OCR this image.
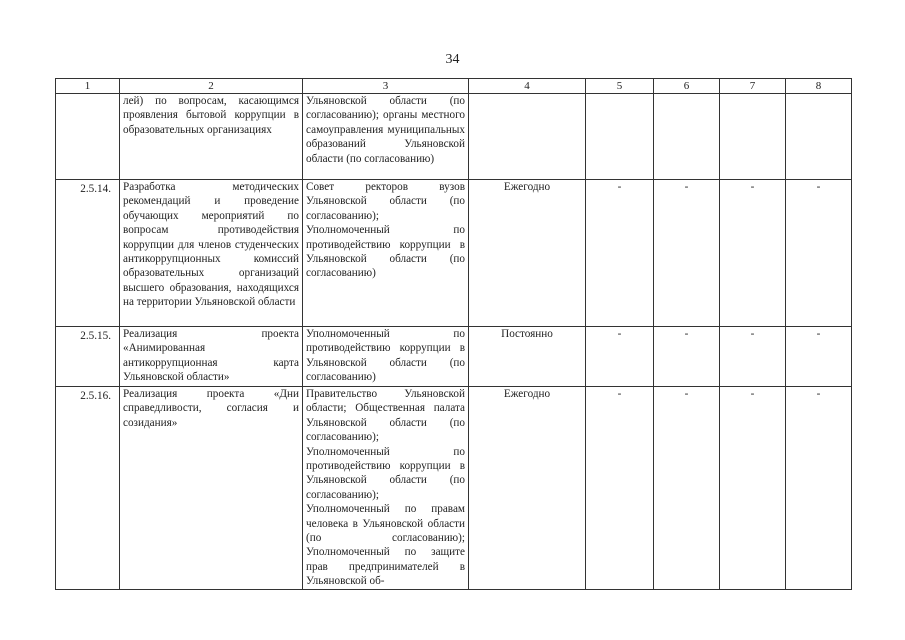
34
1	2	3	4	5	6	7	8
	лей) по вопросам, касающимся проявления бытовой коррупции в образовательных организациях	Ульяновской области (по согласованию); органы местного самоуправления муниципальных образований Ульяновской области (по согласованию)					
2.5.14.	Разработка методических рекомендаций и проведение обучающих мероприятий по вопросам противодействия коррупции для членов студенческих антикоррупционных комиссий образовательных организаций высшего образования, находящихся на территории Ульяновской области	Совет ректоров вузов Ульяновской области (по согласованию); Уполномоченный по противодействию коррупции в Ульяновской области (по согласованию)	Ежегодно	-	-	-	-
2.5.15.	Реализация проекта «Анимированная антикоррупционная карта Ульяновской области»	Уполномоченный по противодействию коррупции в Ульяновской области (по согласованию)	Постоянно	-	-	-	-
2.5.16.	Реализация проекта «Дни справедливости, согласия и созидания»	Правительство Ульяновской области; Общественная палата Ульяновской области (по согласованию); Уполномоченный по противодействию коррупции в Ульяновской области (по согласованию); Уполномоченный по правам человека в Ульяновской области (по согласованию); Уполномоченный по защите прав предпринимателей в Ульяновской об-	Ежегодно	-	-	-	-
